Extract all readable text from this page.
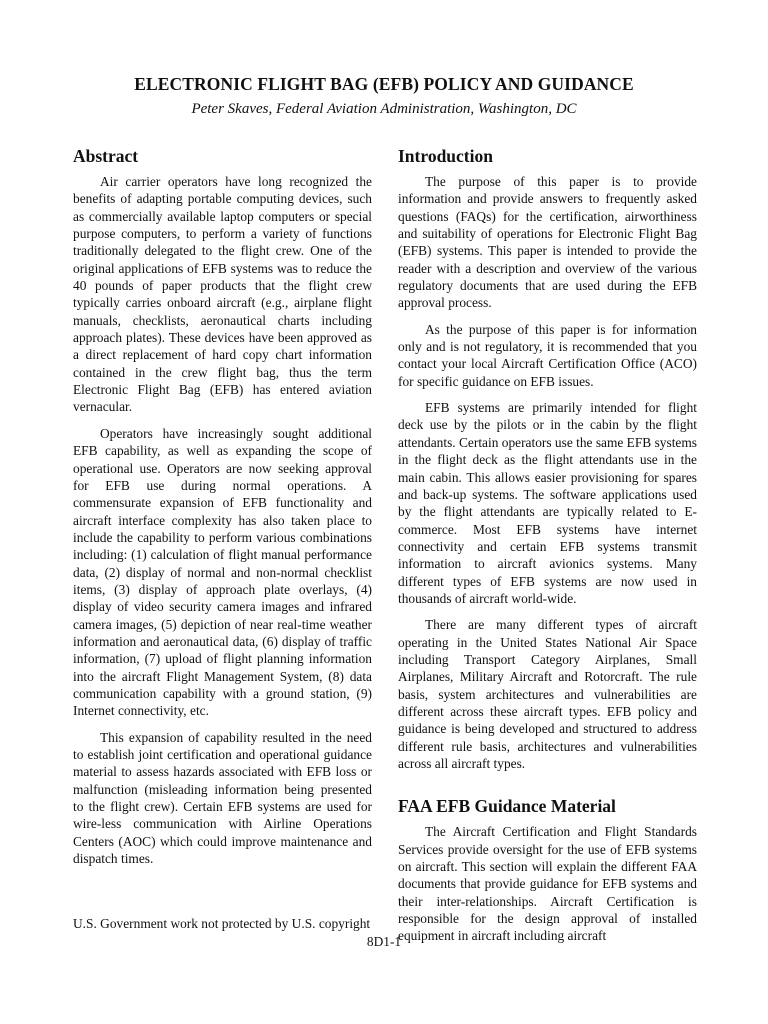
ELECTRONIC FLIGHT BAG (EFB) POLICY AND GUIDANCE
Peter Skaves, Federal Aviation Administration, Washington, DC
Abstract

Air carrier operators have long recognized the benefits of adapting portable computing devices, such as commercially available laptop computers or special purpose computers, to perform a variety of functions traditionally delegated to the flight crew. One of the original applications of EFB systems was to reduce the 40 pounds of paper products that the flight crew typically carries onboard aircraft (e.g., airplane flight manuals, checklists, aeronautical charts including approach plates). These devices have been approved as a direct replacement of hard copy chart information contained in the crew flight bag, thus the term Electronic Flight Bag (EFB) has entered aviation vernacular.

Operators have increasingly sought additional EFB capability, as well as expanding the scope of operational use. Operators are now seeking approval for EFB use during normal operations. A commensurate expansion of EFB functionality and aircraft interface complexity has also taken place to include the capability to perform various combinations including: (1) calculation of flight manual performance data, (2) display of normal and non-normal checklist items, (3) display of approach plate overlays, (4) display of video security camera images and infrared camera images, (5) depiction of near real-time weather information and aeronautical data, (6) display of traffic information, (7) upload of flight planning information into the aircraft Flight Management System, (8) data communication capability with a ground station, (9) Internet connectivity, etc.

This expansion of capability resulted in the need to establish joint certification and operational guidance material to assess hazards associated with EFB loss or malfunction (misleading information being presented to the flight crew). Certain EFB systems are used for wire-less communication with Airline Operations Centers (AOC) which could improve maintenance and dispatch times.

Introduction

The purpose of this paper is to provide information and provide answers to frequently asked questions (FAQs) for the certification, airworthiness and suitability of operations for Electronic Flight Bag (EFB) systems. This paper is intended to provide the reader with a description and overview of the various regulatory documents that are used during the EFB approval process.

As the purpose of this paper is for information only and is not regulatory, it is recommended that you contact your local Aircraft Certification Office (ACO) for specific guidance on EFB issues.

EFB systems are primarily intended for flight deck use by the pilots or in the cabin by the flight attendants. Certain operators use the same EFB systems in the flight deck as the flight attendants use in the main cabin. This allows easier provisioning for spares and back-up systems. The software applications used by the flight attendants are typically related to E-commerce. Most EFB systems have internet connectivity and certain EFB systems transmit information to aircraft avionics systems. Many different types of EFB systems are now used in thousands of aircraft world-wide.

There are many different types of aircraft operating in the United States National Air Space including Transport Category Airplanes, Small Airplanes, Military Aircraft and Rotorcraft. The rule basis, system architectures and vulnerabilities are different across these aircraft types. EFB policy and guidance is being developed and structured to address different rule basis, architectures and vulnerabilities across all aircraft types.

FAA EFB Guidance Material

The Aircraft Certification and Flight Standards Services provide oversight for the use of EFB systems on aircraft. This section will explain the different FAA documents that provide guidance for EFB systems and their inter-relationships. Aircraft Certification is responsible for the design approval of installed equipment in aircraft including aircraft

U.S. Government work not protected by U.S. copyright
8D1-1
